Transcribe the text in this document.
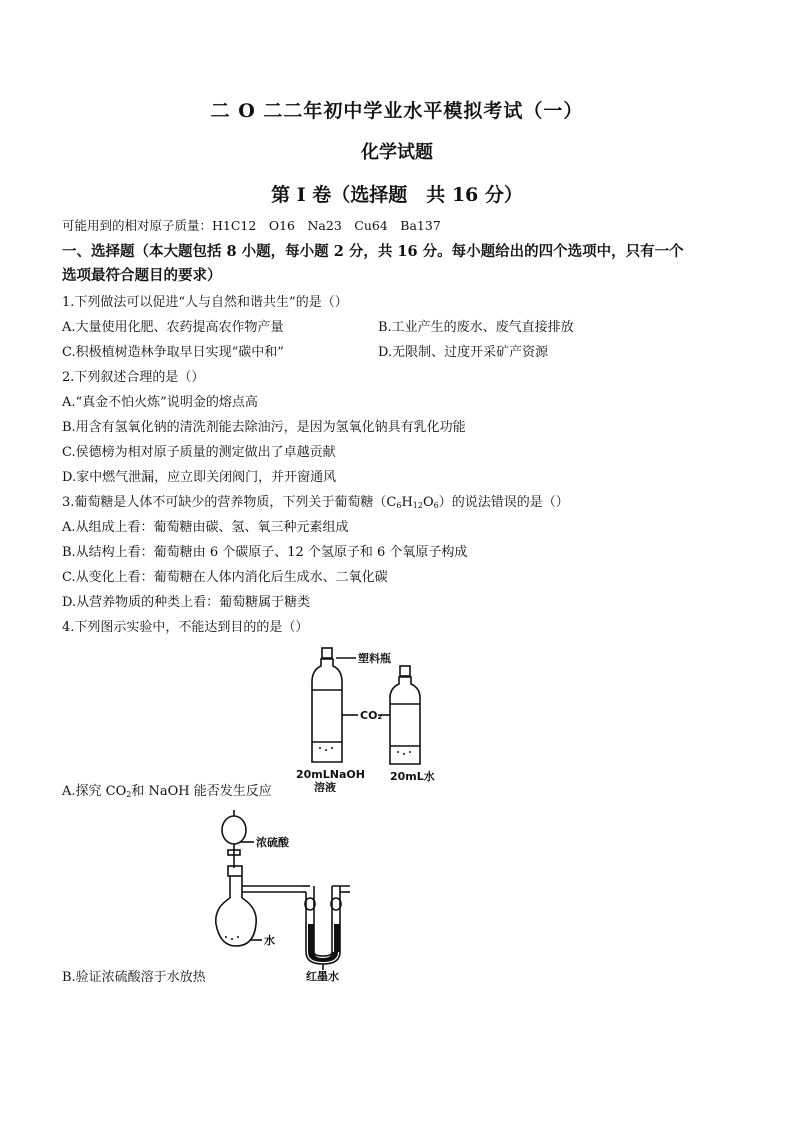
二 O 二二年初中学业水平模拟考试（一）
化学试题
第 I 卷（选择题　共 16 分）
可能用到的相对原子质量：H1C12　O16　Na23　Cu64　Ba137
一、选择题（本大题包括 8 小题，每小题 2 分，共 16 分。每小题给出的四个选项中，只有一个
选项最符合题目的要求）
1.下列做法可以促进“人与自然和谐共生”的是（）
A.大量使用化肥、农药提高农作物产量	B.工业产生的废水、废气直接排放
C.积极植树造林争取早日实现“碳中和”	D.无限制、过度开采矿产资源
2.下列叙述合理的是（）
A.“真金不怕火炼”说明金的熔点高
B.用含有氢氧化钠的清洗剂能去除油污，是因为氢氧化钠具有乳化功能
C.侯德榜为相对原子质量的测定做出了卓越贡献
D.家中燃气泄漏，应立即关闭阀门，并开窗通风
3.葡萄糖是人体不可缺少的营养物质，下列关于葡萄糖$(C_6H_{12}O_6)$的说法错误的是（）
A.从组成上看：葡萄糖由碳、氢、氧三种元素组成
B.从结构上看：葡萄糖由 6 个碳原子、12 个氢原子和 6 个氧原子构成
C.从变化上看：葡萄糖在人体内消化后生成水、二氧化碳
D.从营养物质的种类上看：葡萄糖属于糖类
4.下列图示实验中，不能达到目的的是（）
塑料瓶
CO₂
20mLNaOH
溶液
20mL水
A.探究 $CO_2$和 NaOH 能否发生反应
浓硫酸
水
红墨水
B.验证浓硫酸溶于水放热
